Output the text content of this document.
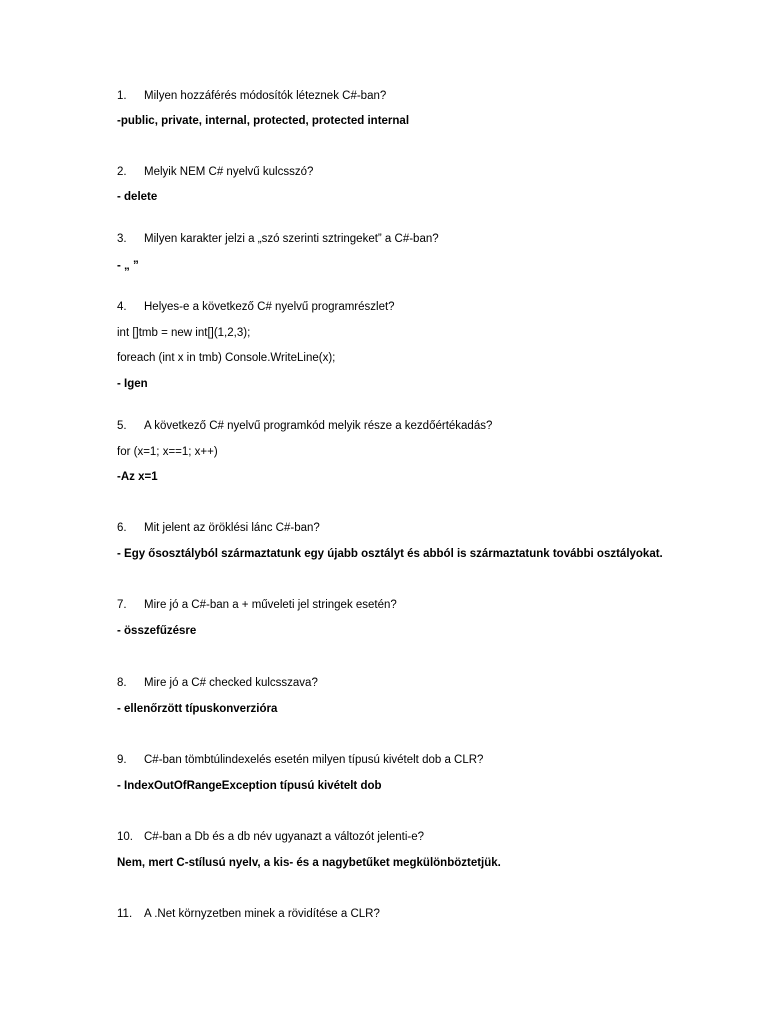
1.	Milyen hozzáférés módosítók léteznek C#-ban?
-public, private, internal, protected, protected internal
2.	Melyik NEM C# nyelvű kulcsszó?
- delete
3.	Milyen karakter jelzi a „szó szerinti sztringeket” a C#-ban?
- „ ”
4.	Helyes-e a következő C# nyelvű programrészlet?
int []tmb = new int[](1,2,3);
foreach (int x in tmb) Console.WriteLine(x);
- Igen
5.	A következő C# nyelvű programkód melyik része a kezdőértékadás?
for (x=1; x==1; x++)
-Az x=1
6.	Mit jelent az öröklési lánc C#-ban?
- Egy ősosztályból származtatunk egy újabb osztályt és abból is származtatunk további osztályokat.
7.	Mire jó a C#-ban a + műveleti jel stringek esetén?
- összefűzésre
8.	Mire jó a C# checked kulcsszava?
- ellenőrzött típuskonverzióra
9.	C#-ban tömbtúlindexelés esetén milyen típusú kivételt dob a CLR?
- IndexOutOfRangeException típusú kivételt dob
10. C#-ban a Db és a db név ugyanazt a változót jelenti-e?
Nem, mert C-stílusú nyelv, a kis- és a nagybetűket megkülönböztetjük.
11.	A .Net környzetben minek a rövidítése a CLR?
